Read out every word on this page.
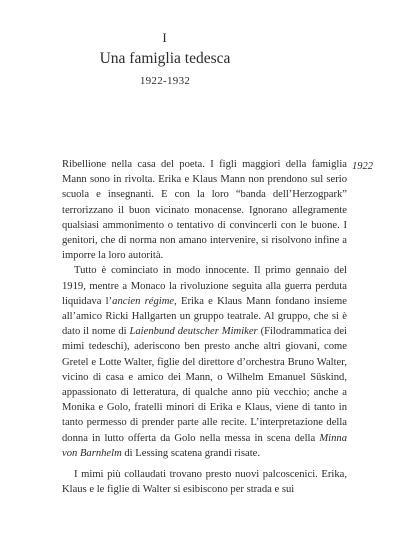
I
Una famiglia tedesca
1922-1932
1922

Ribellione nella casa del poeta. I figli maggiori della famiglia Mann sono in rivolta. Erika e Klaus Mann non prendono sul serio scuola e insegnanti. E con la loro “banda dell’Herzogpark” terrorizzano il buon vicinato monacense. Ignorano allegramente qualsiasi ammonimento o tentativo di convincerli con le buone. I genitori, che di norma non amano intervenire, si risolvono infine a imporre la loro autorità.

Tutto è cominciato in modo innocente. Il primo gennaio del 1919, mentre a Monaco la rivoluzione seguita alla guerra perduta liquidava l’ancien régime, Erika e Klaus Mann fondano insieme all’amico Ricki Hallgarten un gruppo teatrale. Al gruppo, che si è dato il nome di Laienbund deutscher Mimiker (Filodrammatica dei mimi tedeschi), aderiscono ben presto anche altri giovani, come Gretel e Lotte Walter, figlie del direttore d’orchestra Bruno Walter, vicino di casa e amico dei Mann, o Wilhelm Emanuel Süskind, appassionato di letteratura, di qualche anno più vecchio; anche a Monika e Golo, fratelli minori di Erika e Klaus, viene di tanto in tanto permesso di prender parte alle recite. L’interpretazione della donna in lutto offerta da Golo nella messa in scena della Minna von Barnhelm di Lessing scatena grandi risate.

I mimi più collaudati trovano presto nuovi palcoscenici. Erika, Klaus e le figlie di Walter si esibiscono per strada e sui
